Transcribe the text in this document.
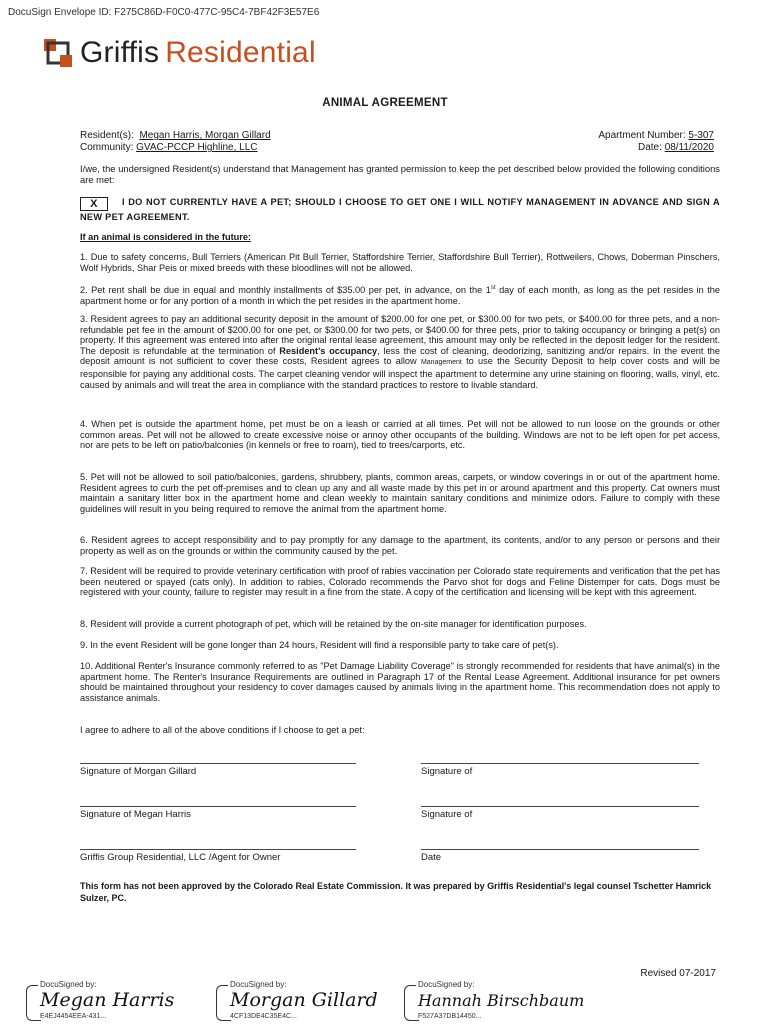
DocuSign Envelope ID: F275C86D-F0C0-477C-95C4-7BF42F3E57E6
Griffis Residential
ANIMAL AGREEMENT
Resident(s): Megan Harris, Morgan Gillard
Community: GVAC-PCCP Highline, LLC
Apartment Number: 5-307
Date: 08/11/2020
I/we, the undersigned Resident(s) understand that Management has granted permission to keep the pet described below provided the following conditions are met:
X	I DO NOT CURRENTLY HAVE A PET; SHOULD I CHOOSE TO GET ONE I WILL NOTIFY MANAGEMENT IN ADVANCE AND SIGN A NEW PET AGREEMENT.
If an animal is considered in the future:
1. Due to safety concerns, Bull Terriers (American Pit Bull Terrier, Staffordshire Terrier, Staffordshire Bull Terrier), Rottweilers, Chows, Doberman Pinschers, Wolf Hybrids, Shar Peis or mixed breeds with these bloodlines will not be allowed.
2. Pet rent shall be due in equal and monthly installments of $35.00 per pet, in advance, on the 1st day of each month, as long as the pet resides in the apartment home or for any portion of a month in which the pet resides in the apartment home.
3. Resident agrees to pay an additional security deposit in the amount of $200.00 for one pet, or $300.00 for two pets, or $400.00 for three pets, and a non-refundable pet fee in the amount of $200.00 for one pet, or $300.00 for two pets, or $400.00 for three pets, prior to taking occupancy or bringing a pet(s) on property. If this agreement was entered into after the original rental lease agreement, this amount may only be reflected in the deposit ledger for the resident. The deposit is refundable at the termination of Resident's occupancy, less the cost of cleaning, deodorizing, sanitizing and/or repairs. In the event the deposit amount is not sufficient to cover these costs, Resident agrees to allow Management to use the Security Deposit to help cover costs and will be responsible for paying any additional costs. The carpet cleaning vendor will inspect the apartment to determine any urine staining on flooring, walls, vinyl, etc. caused by animals and will treat the area in compliance with the standard practices to restore to livable standard.
4. When pet is outside the apartment home, pet must be on a leash or carried at all times. Pet will not be allowed to run loose on the grounds or other common areas. Pet will not be allowed to create excessive noise or annoy other occupants of the building. Windows are not to be left open for pet access, nor are pets to be left on patio/balconies (in kennels or free to roam), tied to trees/carports, etc.
5. Pet will not be allowed to soil patio/balconies, gardens, shrubbery, plants, common areas, carpets, or window coverings in or out of the apartment home. Resident agrees to curb the pet off-premises and to clean up any and all waste made by this pet in or around apartment and this property. Cat owners must maintain a sanitary litter box in the apartment home and clean weekly to maintain sanitary conditions and minimize odors. Failure to comply with these guidelines will result in you being required to remove the animal from the apartment home.
6. Resident agrees to accept responsibility and to pay promptly for any damage to the apartment, its contents, and/or to any person or persons and their property as well as on the grounds or within the community caused by the pet.
7. Resident will be required to provide veterinary certification with proof of rabies vaccination per Colorado state requirements and verification that the pet has been neutered or spayed (cats only). In addition to rabies, Colorado recommends the Parvo shot for dogs and Feline Distemper for cats. Dogs must be registered with your county, failure to register may result in a fine from the state. A copy of the certification and licensing will be kept with this agreement.
8. Resident will provide a current photograph of pet, which will be retained by the on-site manager for identification purposes.
9. In the event Resident will be gone longer than 24 hours, Resident will find a responsible party to take care of pet(s).
10. Additional Renter's Insurance commonly referred to as "Pet Damage Liability Coverage" is strongly recommended for residents that have animal(s) in the apartment home. The Renter's Insurance Requirements are outlined in Paragraph 17 of the Rental Lease Agreement. Additional insurance for pet owners should be maintained throughout your residency to cover damages caused by animals living in the apartment home. This recommendation does not apply to assistance animals.
I agree to adhere to all of the above conditions if I choose to get a pet:
Signature of Morgan Gillard	Signature of
Signature of Megan Harris	Signature of
Griffis Group Residential, LLC /Agent for Owner	Date
This form has not been approved by the Colorado Real Estate Commission. It was prepared by Griffis Residential's legal counsel Tschetter Hamrick Sulzer, PC.
Revised 07-2017
DocuSigned by:
Megan Harris
E4EJ4454EEA-431...
DocuSigned by:
Morgan Gillard
4CF13DE4C35E4C...
DocuSigned by:
Hannah Birschbaum
F527A37DB14450...
